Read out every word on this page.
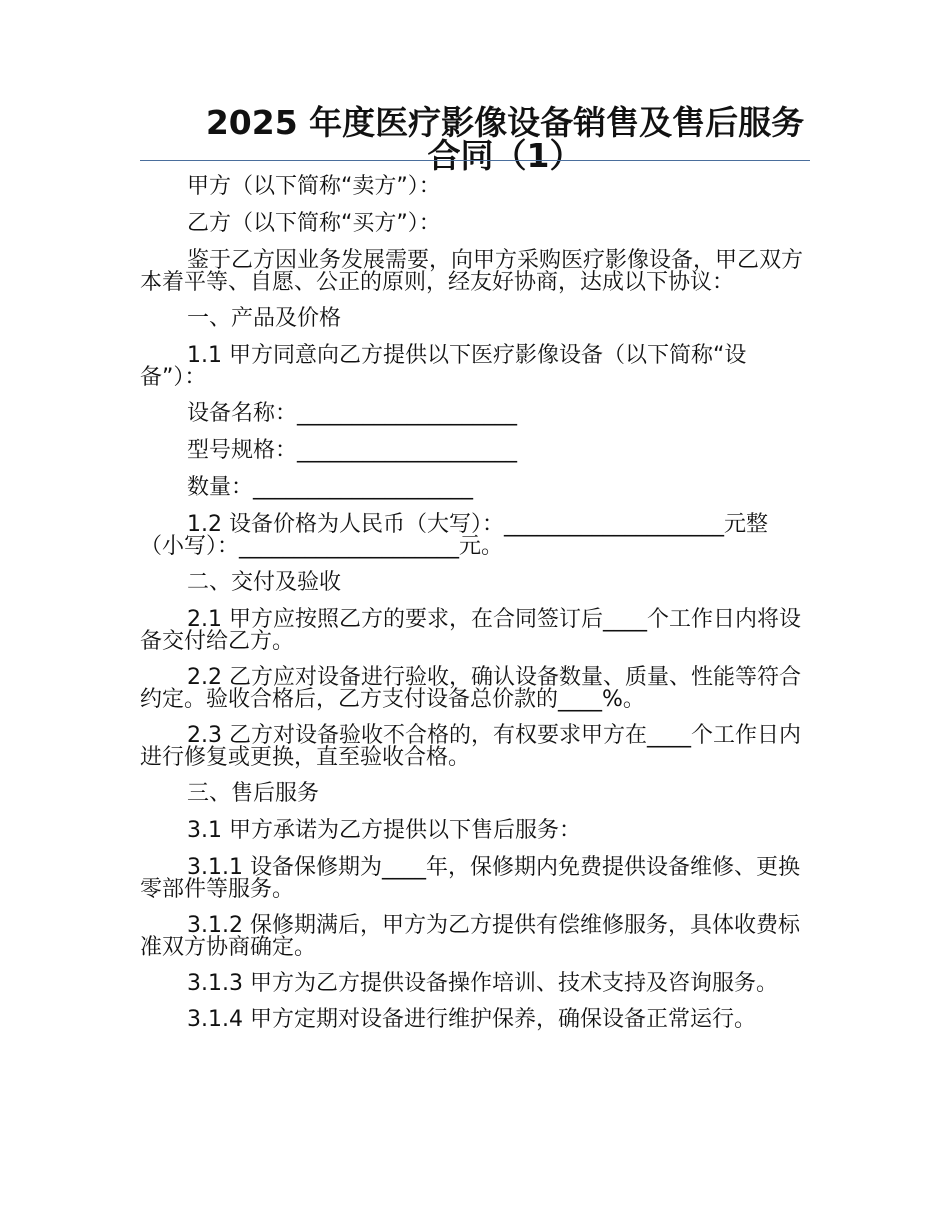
2025 年度医疗影像设备销售及售后服务合同（1）

甲方（以下简称“卖方”）：

乙方（以下简称“买方”）：

鉴于乙方因业务发展需要，向甲方采购医疗影像设备，甲乙双方本着平等、自愿、公正的原则，经友好协商，达成以下协议：

一、产品及价格

1.1 甲方同意向乙方提供以下医疗影像设备（以下简称“设备”）：

设备名称：____________________

型号规格：____________________

数量：____________________

1.2 设备价格为人民币（大写）：____________________元整（小写）：____________________元。

二、交付及验收

2.1 甲方应按照乙方的要求，在合同签订后____个工作日内将设备交付给乙方。

2.2 乙方应对设备进行验收，确认设备数量、质量、性能等符合约定。验收合格后，乙方支付设备总价款的____%。

2.3 乙方对设备验收不合格的，有权要求甲方在____个工作日内进行修复或更换，直至验收合格。

三、售后服务

3.1 甲方承诺为乙方提供以下售后服务：

3.1.1 设备保修期为____年，保修期内免费提供设备维修、更换零部件等服务。

3.1.2 保修期满后，甲方为乙方提供有偿维修服务，具体收费标准双方协商确定。

3.1.3 甲方为乙方提供设备操作培训、技术支持及咨询服务。

3.1.4 甲方定期对设备进行维护保养，确保设备正常运行。
